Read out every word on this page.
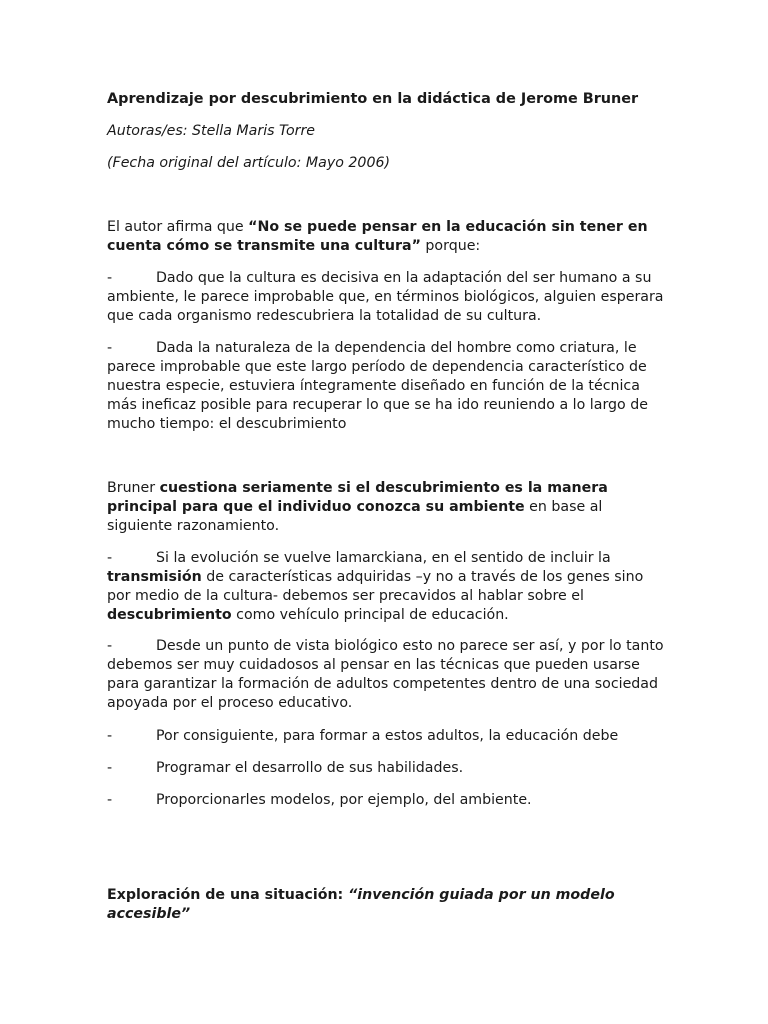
Aprendizaje por descubrimiento en la didáctica de Jerome Bruner

Autoras/es: Stella Maris Torre

(Fecha original del artículo: Mayo 2006)

El autor afirma que “No se puede pensar en la educación sin tener en cuenta cómo se transmite una cultura” porque:

-	Dado que la cultura es decisiva en la adaptación del ser humano a su ambiente, le parece improbable que, en términos biológicos, alguien esperara que cada organismo redescubriera la totalidad de su cultura.
-	Dada la naturaleza de la dependencia del hombre como criatura, le parece improbable que este largo período de dependencia característico de nuestra especie, estuviera íntegramente diseñado en función de la técnica más ineficaz posible para recuperar lo que se ha ido reuniendo a lo largo de mucho tiempo: el descubrimiento

Bruner cuestiona seriamente si el descubrimiento es la manera principal para que el individuo conozca su ambiente en base al siguiente razonamiento.

-	Si la evolución se vuelve lamarckiana, en el sentido de incluir la transmisión de características adquiridas –y no a través de los genes sino por medio de la cultura- debemos ser precavidos al hablar sobre el descubrimiento como vehículo principal de educación.
-	Desde un punto de vista biológico esto no parece ser así, y por lo tanto debemos ser muy cuidadosos al pensar en las técnicas que pueden usarse para garantizar la formación de adultos competentes dentro de una sociedad apoyada por el proceso educativo.
-	Por consiguiente, para formar a estos adultos, la educación debe
-	Programar el desarrollo de sus habilidades.
-	Proporcionarles modelos, por ejemplo, del ambiente.

Exploración de una situación: “invención guiada por un modelo accesible”
